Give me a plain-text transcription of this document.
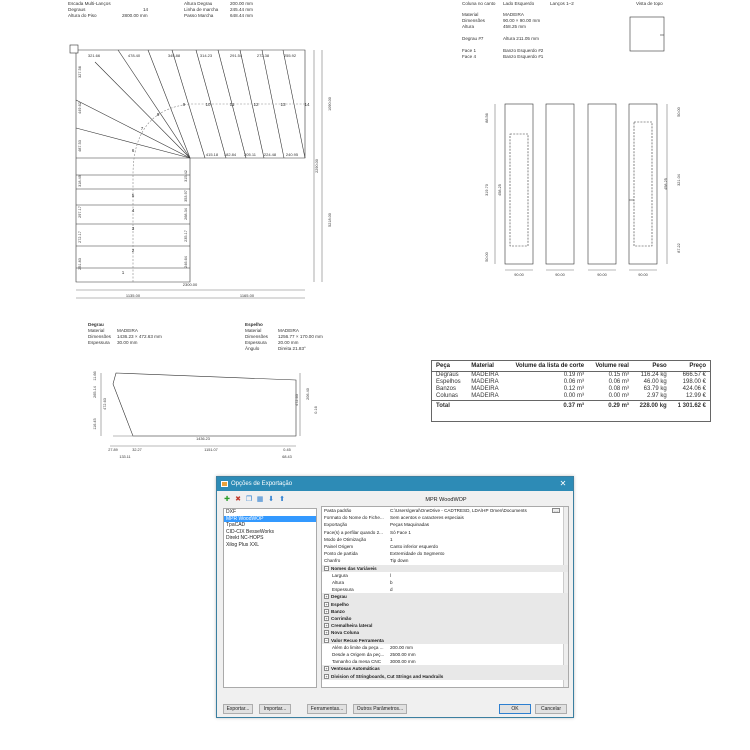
Escada Multi-Lanços
Degraus	14
Altura do Piso	2800.00 mm
Altura Degrau	200.00 mm
Linha de marcha	245.44 mm
Passo Marcha	648.44 mm
1
2
3
4
5
6
7
8
9	10	11	12	13	14
321.66	478.40	345.88	314.23	291.54	272.38	255.92
415.18 182.84 205.11 224.48 240.95
2300.00
1135.00	1165.00
327.56
449.62
487.53
318.49
297.17
272.17
251.83
315.42
353.97
268.34
235.17
246.64
1090.00
2290.00
5218.00
Coluna no canto Lado Esquerdo	Lanços 1–2	Vista de topo
Material	MADEIRA
Dimensões	90.00 × 90.00 mm
Altura	458.25 mm
Degrau #7	Altura 211.05 mm
Face 1	Banzo Esquerdo #2
Face 4	Banzo Esquerdo #1
88.56
319.70
50.00
458.25
50.00
321.04
87.22
458.25
90.00	90.00	90.00	90.00
Degrau
Material	MADEIRA
Dimensões 1436.23 × 472.63 mm
Espessura 30.00 mm
Espelho
Material	MADEIRA
Dimensões 1256.77 × 170.00 mm
Espessura 20.00 mm
Ângulo	Direita 21.83°
11.66
265.14
472.63
116.45
472.63
206.40
0.16
1436.23
27.89	32.27	1151.07	0.45
133.11	68.43
Peça	Material	Volume da lista de corte	Volume real	Peso	Preço
Degraus	MADEIRA	0.19 m³	0.15 m³	116.24 kg	666.57 €
Espelhos	MADEIRA	0.06 m³	0.06 m³	46.00 kg	198.00 €
Banzos	MADEIRA	0.12 m³	0.08 m³	63.79 kg	424.06 €
Colunas	MADEIRA	0.00 m³	0.00 m³	2.97 kg	12.99 €
Total		0.37 m³	0.29 m³	228.00 kg	1 301.62 €
Opções de Exportação	✕
✚ ✖ ❐ ▦ ⬇ ⬆
DXF
MPR WoodWOP
TpaCAD
CID-CIX BesseWorks
Direkt NC-HOPS
Xilog Plus XXL
MPR WoodWOP
Pasta padrão	C:\Users\geral\OneDrive - CADTRESD, LDA\HP Omen\Documents	…
Formato do Nome do Fiche...	Sem acentos e caracteres especiais
Exportação	Peças Maquinadas
Face(s) a perfilar quando 2...	Só Face 1
Modo de Otimização	1
Painel Origem	Canto inferior esquerdo
Ponto de partida	Extremidade do Segmento
Chanfro	Tip down
− Nomes das Variáveis
Largura	l
Altura	b
Espessura	d
+ Degrau
+ Espelho
+ Banzo
+ Corrimão
+ Cremalheira lateral
+ Nova Coluna
− Valor Recuo Ferramenta
Além do limite da peça ...	200.00 mm
Desde a Origem da peç...	2500.00 mm
Tamanho da mesa CNC	3000.00 mm
+ Ventosas Automáticas
+ Division of Stringboards, Cut Strings and Handrails
Exportar...	Importar...	Ferramentas...	Outros Parâmetros...	OK	Cancelar
